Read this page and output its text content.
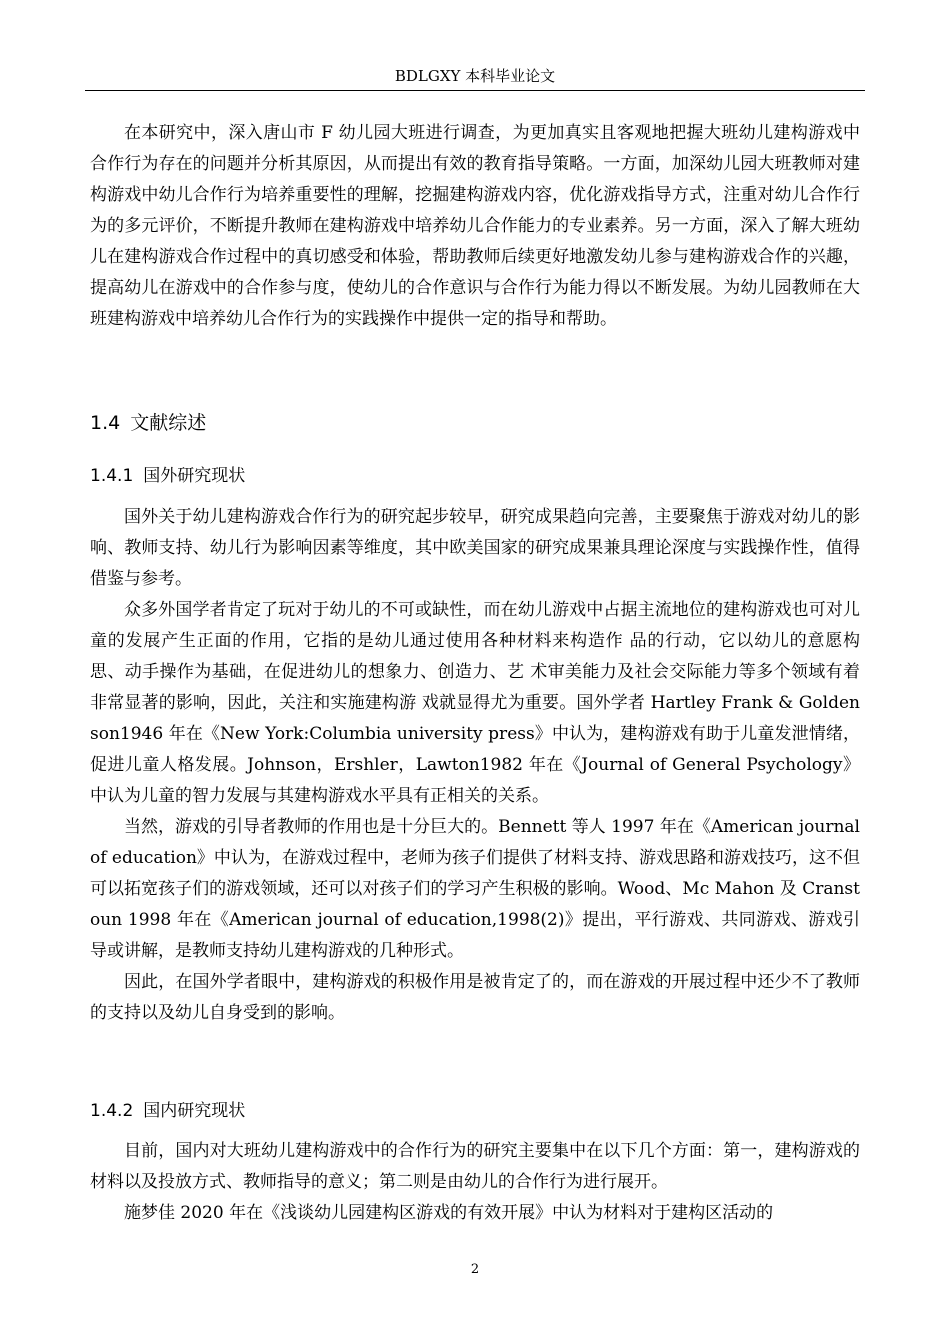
BDLGXY 本科毕业论文

在本研究中，深入唐山市 F 幼儿园大班进行调查，为更加真实且客观地把握大班幼儿建构游戏中合作行为存在的问题并分析其原因，从而提出有效的教育指导策略。一方面，加深幼儿园大班教师对建构游戏中幼儿合作行为培养重要性的理解，挖掘建构游戏内容，优化游戏指导方式，注重对幼儿合作行为的多元评价，不断提升教师在建构游戏中培养幼儿合作能力的专业素养。另一方面，深入了解大班幼儿在建构游戏合作过程中的真切感受和体验，帮助教师后续更好地激发幼儿参与建构游戏合作的兴趣，提高幼儿在游戏中的合作参与度，使幼儿的合作意识与合作行为能力得以不断发展。为幼儿园教师在大班建构游戏中培养幼儿合作行为的实践操作中提供一定的指导和帮助。

1.4 文献综述
1.4.1 国外研究现状

国外关于幼儿建构游戏合作行为的研究起步较早，研究成果趋向完善，主要聚焦于游戏对幼儿的影响、教师支持、幼儿行为影响因素等维度，其中欧美国家的研究成果兼具理论深度与实践操作性，值得借鉴与参考。

众多外国学者肯定了玩对于幼儿的不可或缺性，而在幼儿游戏中占据主流地位的建构游戏也可对儿童的发展产生正面的作用，它指的是幼儿通过使用各种材料来构造作 品的行动，它以幼儿的意愿构思、动手操作为基础，在促进幼儿的想象力、创造力、艺 术审美能力及社会交际能力等多个领域有着非常显著的影响，因此，关注和实施建构游 戏就显得尤为重要。国外学者 Hartley Frank & Goldenson1946 年在《New York:Columbia university press》中认为，建构游戏有助于儿童发泄情绪，促进儿童人格发展。Johnson，Ershler，Lawton1982 年在《Journal of General Psychology》中认为儿童的智力发展与其建构游戏水平具有正相关的关系。

当然，游戏的引导者教师的作用也是十分巨大的。Bennett 等人 1997 年在《American journal of education》中认为，在游戏过程中，老师为孩子们提供了材料支持、游戏思路和游戏技巧，这不但可以拓宽孩子们的游戏领域，还可以对孩子们的学习产生积极的影响。Wood、Mc Mahon 及 Cranstoun 1998 年在《American journal of education,1998(2)》提出，平行游戏、共同游戏、游戏引导或讲解，是教师支持幼儿建构游戏的几种形式。

因此，在国外学者眼中，建构游戏的积极作用是被肯定了的，而在游戏的开展过程中还少不了教师的支持以及幼儿自身受到的影响。

1.4.2 国内研究现状

目前，国内对大班幼儿建构游戏中的合作行为的研究主要集中在以下几个方面：第一，建构游戏的材料以及投放方式、教师指导的意义；第二则是由幼儿的合作行为进行展开。

施梦佳 2020 年在《浅谈幼儿园建构区游戏的有效开展》中认为材料对于建构区活动的

2
